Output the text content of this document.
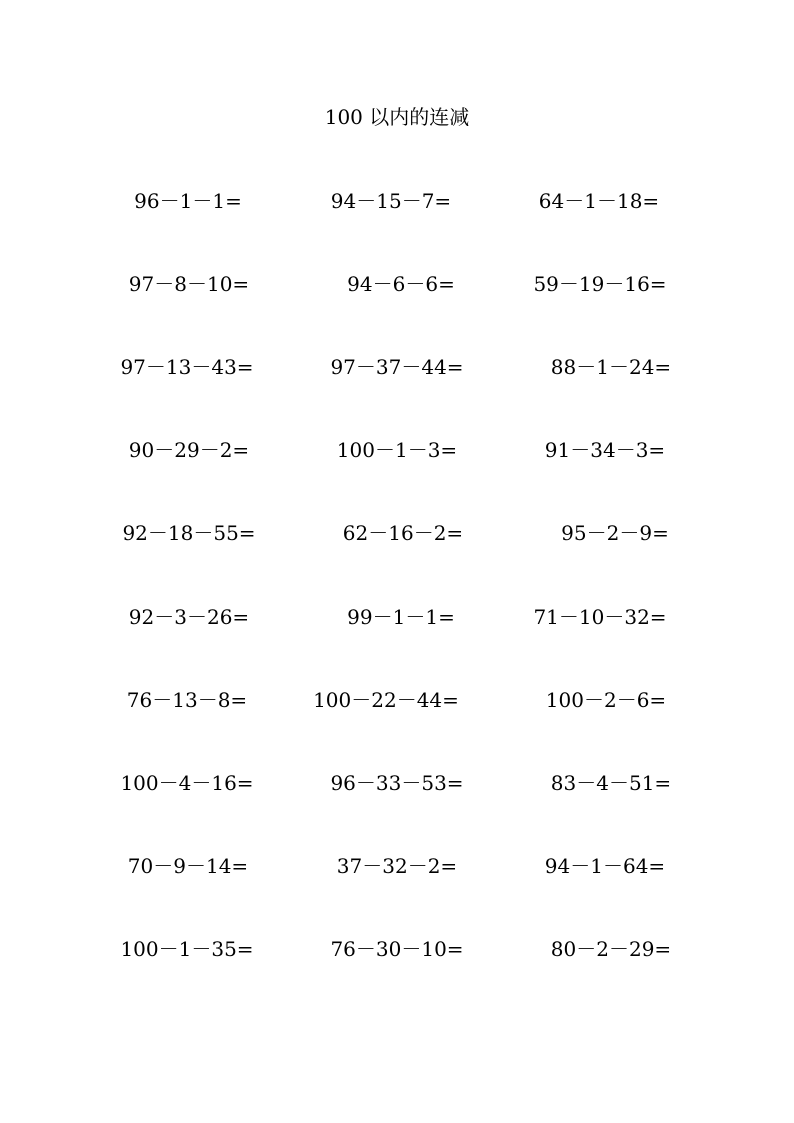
100 以内的连减
96－1－1=	94－15－7=	64－1－18=
97－8－10=	94－6－6=	59－19－16=
97－13－43=	97－37－44=	88－1－24=
90－29－2=	100－1－3=	91－34－3=
92－18－55=	62－16－2=	95－2－9=
92－3－26=	99－1－1=	71－10－32=
76－13－8=	100－22－44=	100－2－6=
100－4－16=	96－33－53=	83－4－51=
70－9－14=	37－32－2=	94－1－64=
100－1－35=	76－30－10=	80－2－29=
